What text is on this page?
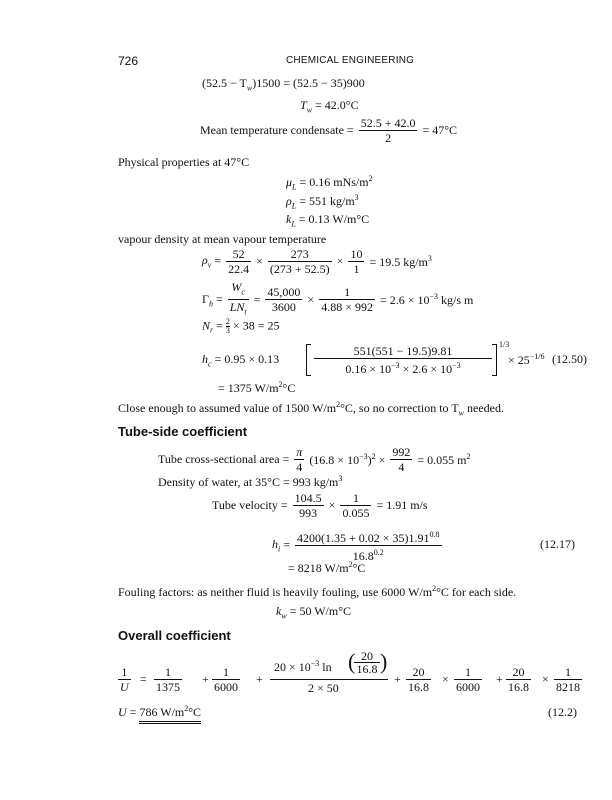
726	CHEMICAL ENGINEERING
$(52.5 - T_w)1500 = (52.5 - 35)900$
$T_w = 42.0^\circ C$
Mean temperature condensate = $\frac{52.5 + 42.0}{2} = 47^\circ C$
Physical properties at 47°C
$\mu_L = 0.16$ mNs/$m^2$
$\rho_L = 551$ $kg/m^3$
$k_L = 0.13$ W/m°C
vapour density at mean vapour temperature
$\rho_v = \frac{52}{22.4} \times \frac{273}{(273 + 52.5)} \times \frac{10}{1} = 19.5$ $kg/m^3$
$\Gamma_h = \frac{W_c}{LN_t} = \frac{45,000}{3600} \times \frac{1}{4.88 \times 992} = 2.6 \times 10^{-3}$ kg/s m
$N_r = \frac{2}{3} \times 38 = 25$
$h_c = 0.95 \times 0.13$
551(551 − 19.5)9.81
$0.16 \times 10^{-3} \times 2.6 \times 10^{-3}$
1/3
× $25^{-1/6}$ (12.50)
= 1375 $W/m^2^\circ C$
Close enough to assumed value of 1500 $W/m^2^\circ C$, so no correction to $T_w$ needed.
Tube-side coefficient
Tube cross-sectional area = $\frac{\pi}{4} (16.8 \times 10^{-3})^2 \times \frac{992}{4} = 0.055$ $m^2$
Density of water, at 35°C = 993 $kg/m^3$
Tube velocity = $\frac{104.5}{993} \times \frac{1}{0.055} = 1.91$ m/s
$h_i = \frac{4200(1.35 + 0.02 \times 35)1.91^{0.8}}{16.8^{0.2}}$	(12.17)
= 8218 $W/m^2^\circ C$
Fouling factors: as neither fluid is heavily fouling, use 6000 $W/m^2^\circ C$ for each side.
$k_w = 50$ W/m°C
Overall coefficient
$\frac{1}{U} = \frac{1}{1375} + \frac{1}{6000}$ +
$20 \times 10^{-3}$ ln ( 20
16.8 )
2 × 50
+ $\frac{20}{16.8} \times \frac{1}{6000} + \frac{20}{16.8} \times \frac{1}{8218}$
U = 786 $W/m^2^\circ C$	(12.2)
